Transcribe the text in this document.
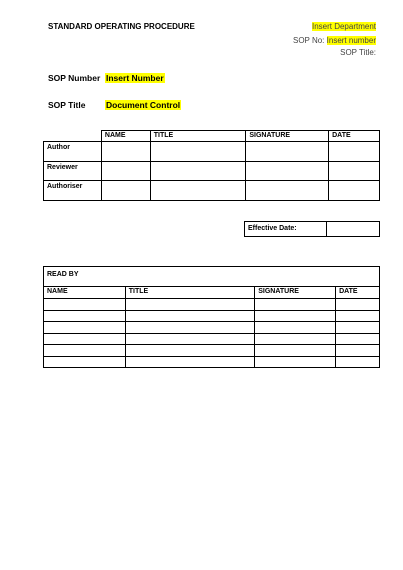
STANDARD OPERATING PROCEDURE	Insert Department
SOP No: Insert number
SOP Title:
SOP Number Insert Number
SOP Title Document Control
	NAME	TITLE	SIGNATURE	DATE
Author				
Reviewer				
Authoriser				
Effective Date:	
READ BY			
NAME	TITLE	SIGNATURE	DATE
